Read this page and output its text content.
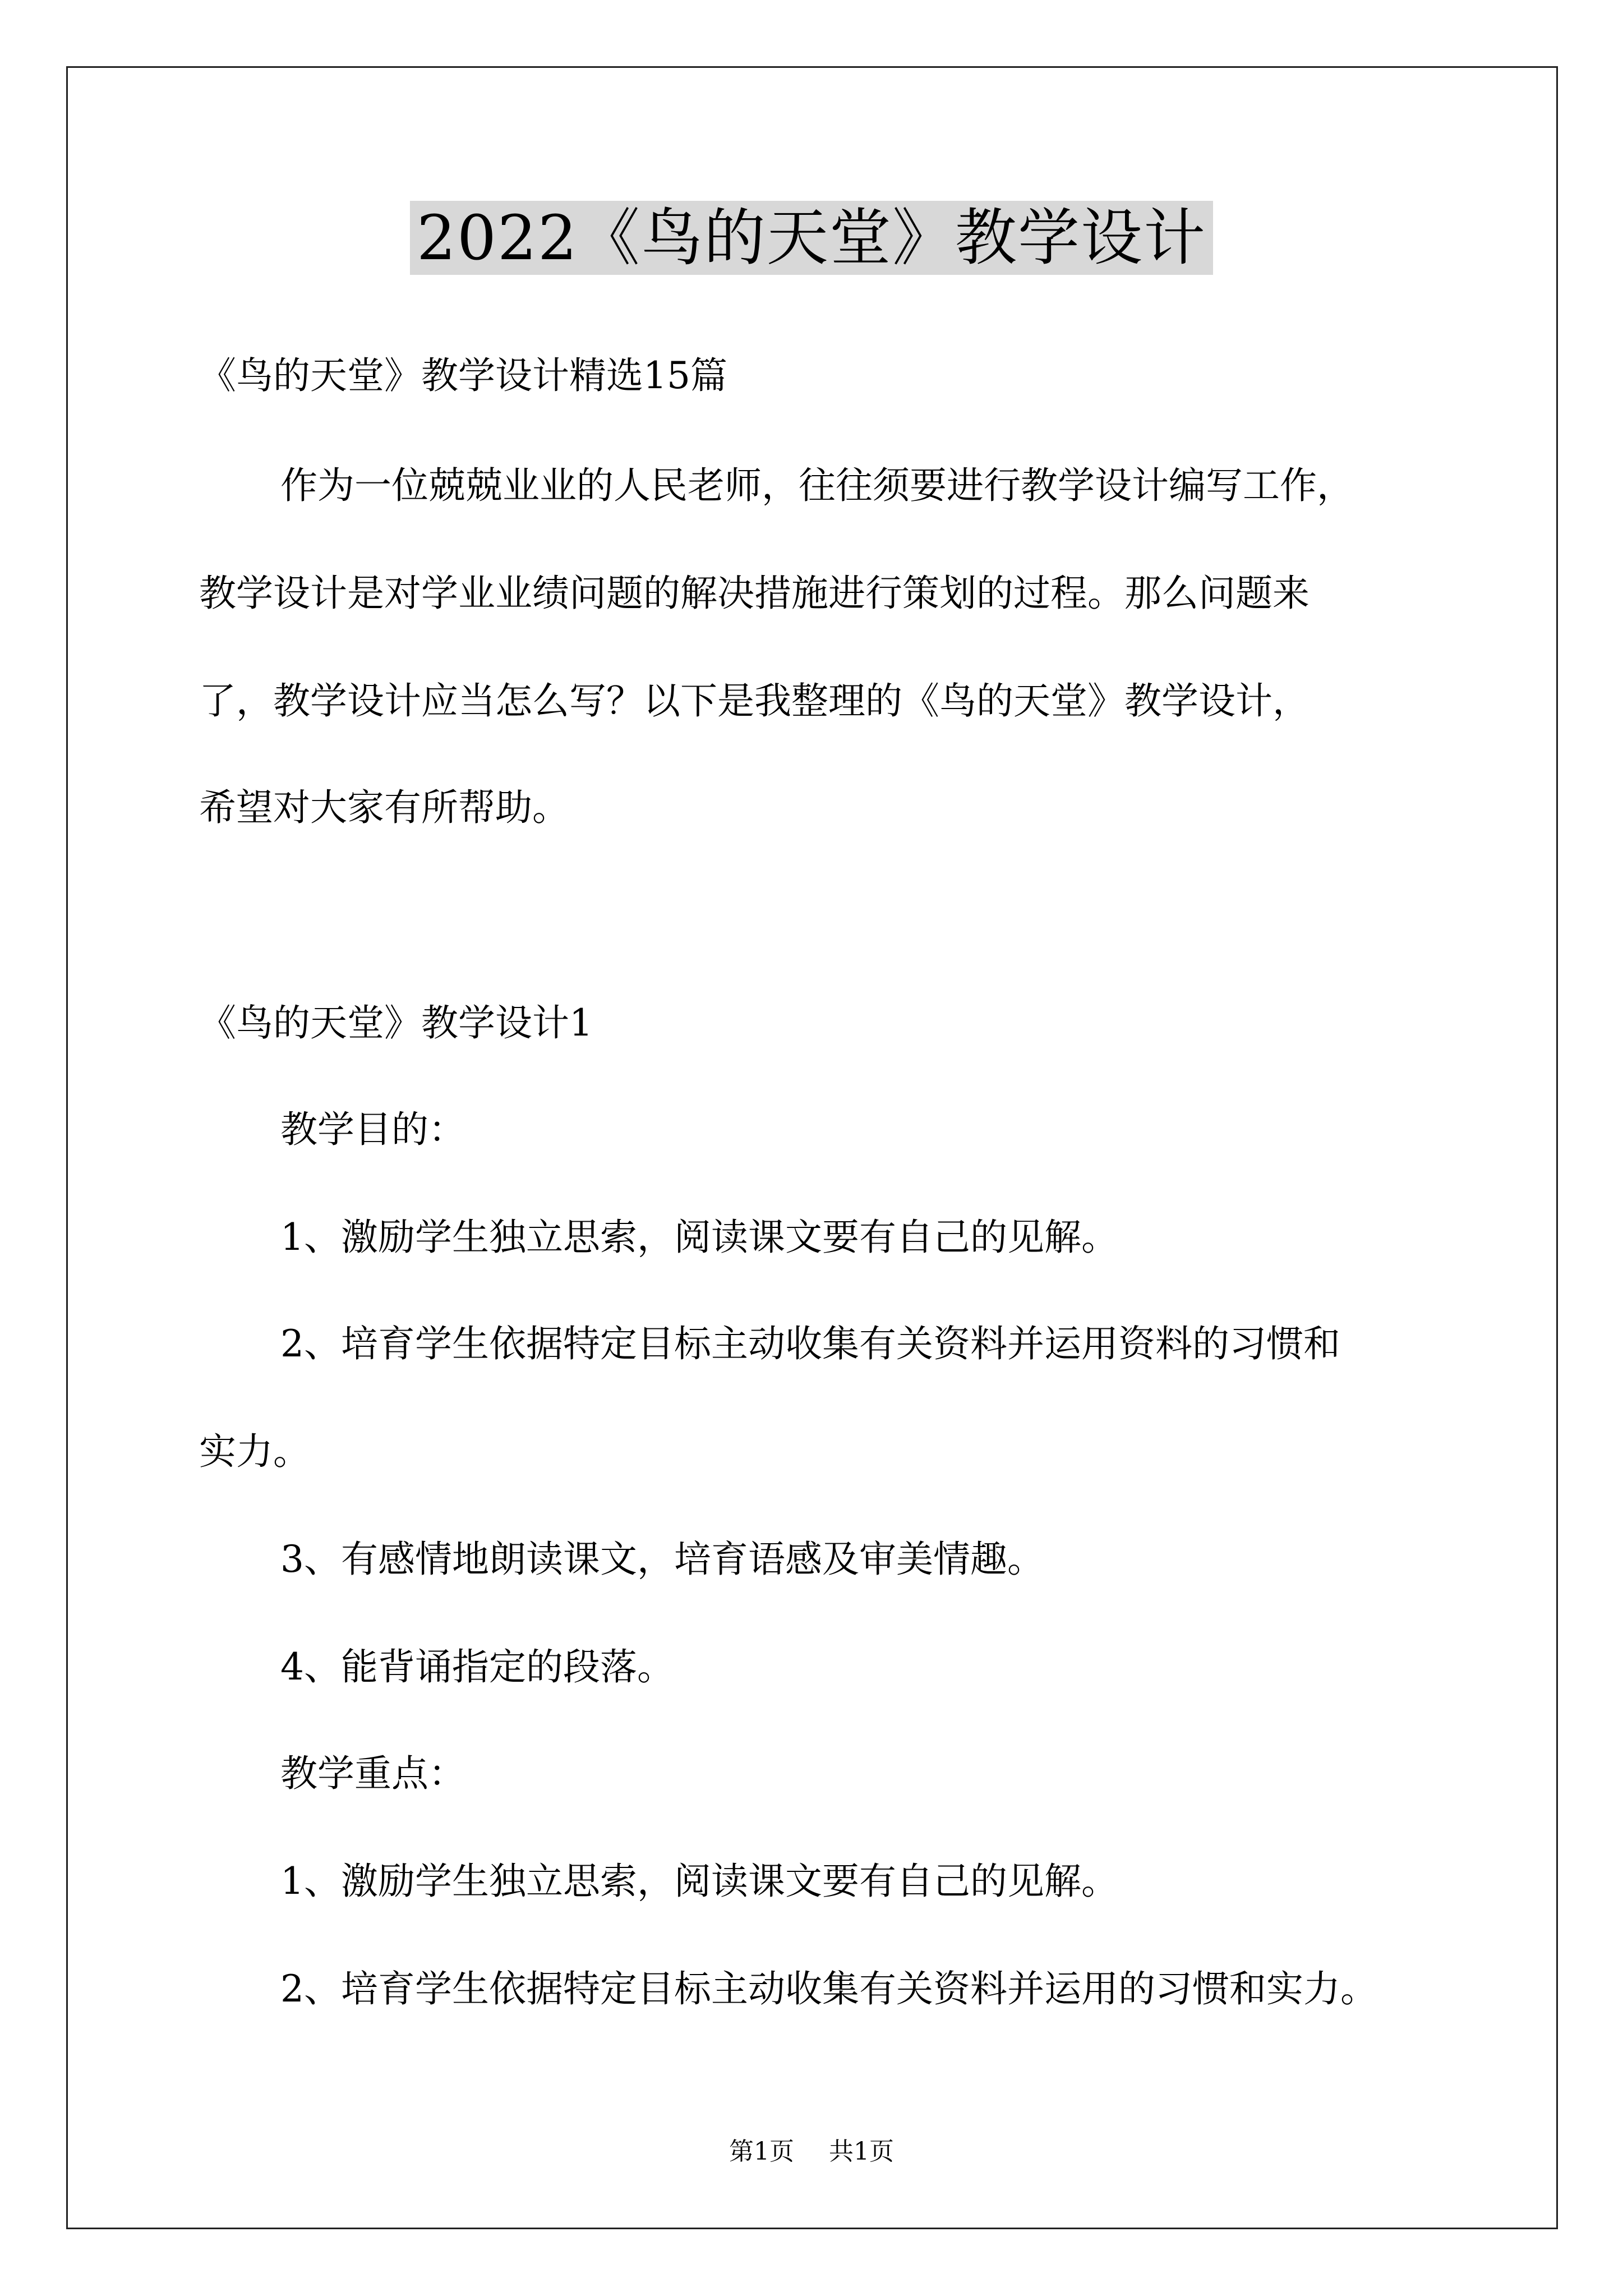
2022《鸟的天堂》教学设计
《鸟的天堂》教学设计精选15篇
作为一位兢兢业业的人民老师，往往须要进行教学设计编写工作，
教学设计是对学业业绩问题的解决措施进行策划的过程。那么问题来
了，教学设计应当怎么写？以下是我整理的《鸟的天堂》教学设计，
希望对大家有所帮助。
《鸟的天堂》教学设计1
教学目的：
1、激励学生独立思索，阅读课文要有自己的见解。
2、培育学生依据特定目标主动收集有关资料并运用资料的习惯和
实力。
3、有感情地朗读课文，培育语感及审美情趣。
4、能背诵指定的段落。
教学重点：
1、激励学生独立思索，阅读课文要有自己的见解。
2、培育学生依据特定目标主动收集有关资料并运用的习惯和实力。
第1页 共1页
